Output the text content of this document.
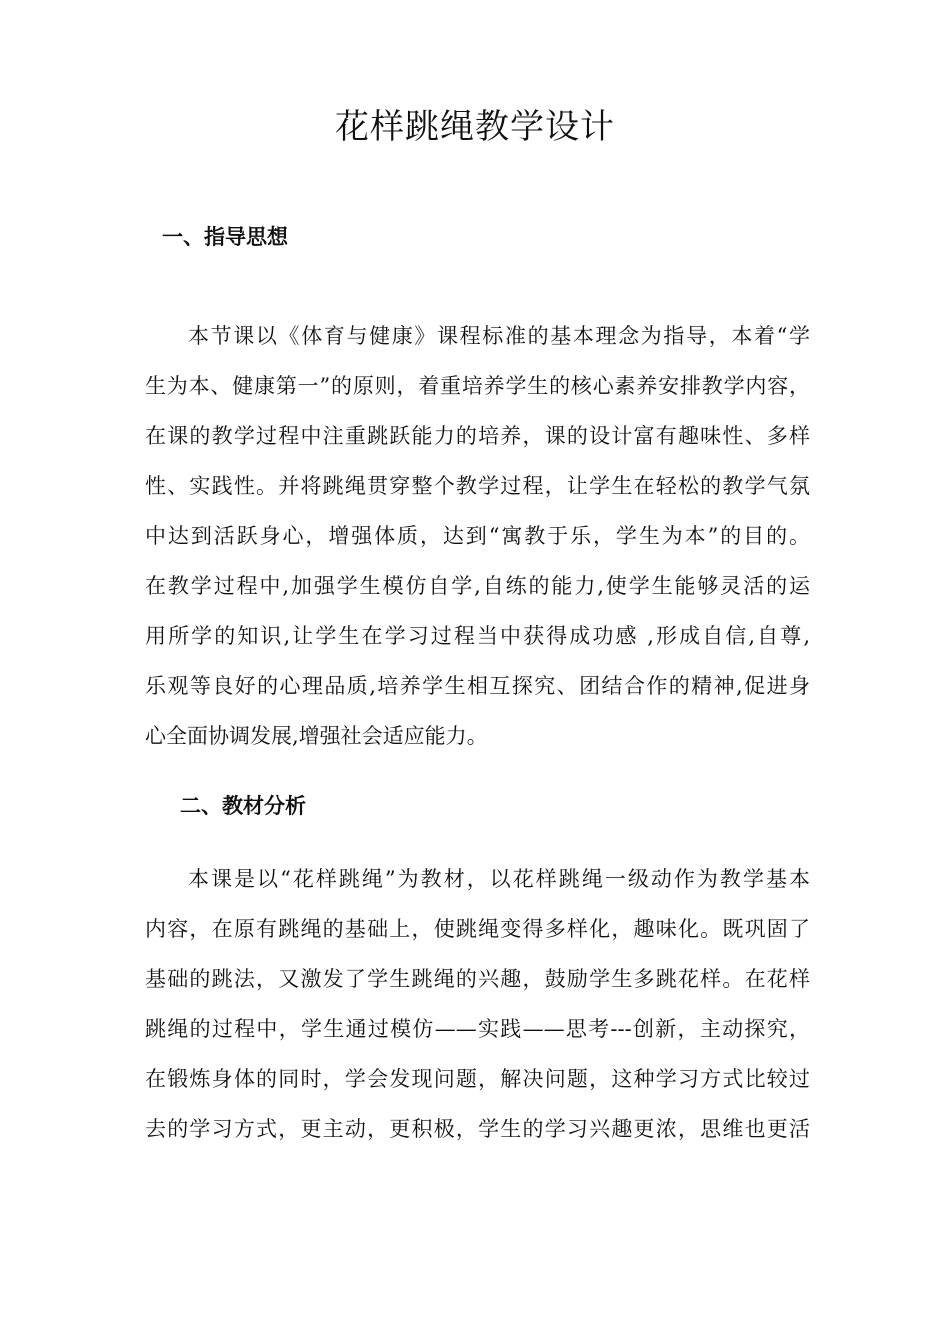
花样跳绳教学设计
一、指导思想
本节课以《体育与健康》课程标准的基本理念为指导，本着“学
生为本、健康第一”的原则，着重培养学生的核心素养安排教学内容，
在课的教学过程中注重跳跃能力的培养，课的设计富有趣味性、多样
性、实践性。并将跳绳贯穿整个教学过程，让学生在轻松的教学气氛
中达到活跃身心，增强体质，达到“寓教于乐，学生为本”的目的。
在教学过程中,加强学生模仿自学,自练的能力,使学生能够灵活的运
用所学的知识,让学生在学习过程当中获得成功感 ,形成自信,自尊,
乐观等良好的心理品质,培养学生相互探究、团结合作的精神,促进身
心全面协调发展,增强社会适应能力。
二、教材分析
本课是以“花样跳绳”为教材，以花样跳绳一级动作为教学基本
内容，在原有跳绳的基础上，使跳绳变得多样化，趣味化。既巩固了
基础的跳法，又激发了学生跳绳的兴趣，鼓励学生多跳花样。在花样
跳绳的过程中，学生通过模仿——实践——思考---创新，主动探究，
在锻炼身体的同时，学会发现问题，解决问题，这种学习方式比较过
去的学习方式，更主动，更积极，学生的学习兴趣更浓，思维也更活
